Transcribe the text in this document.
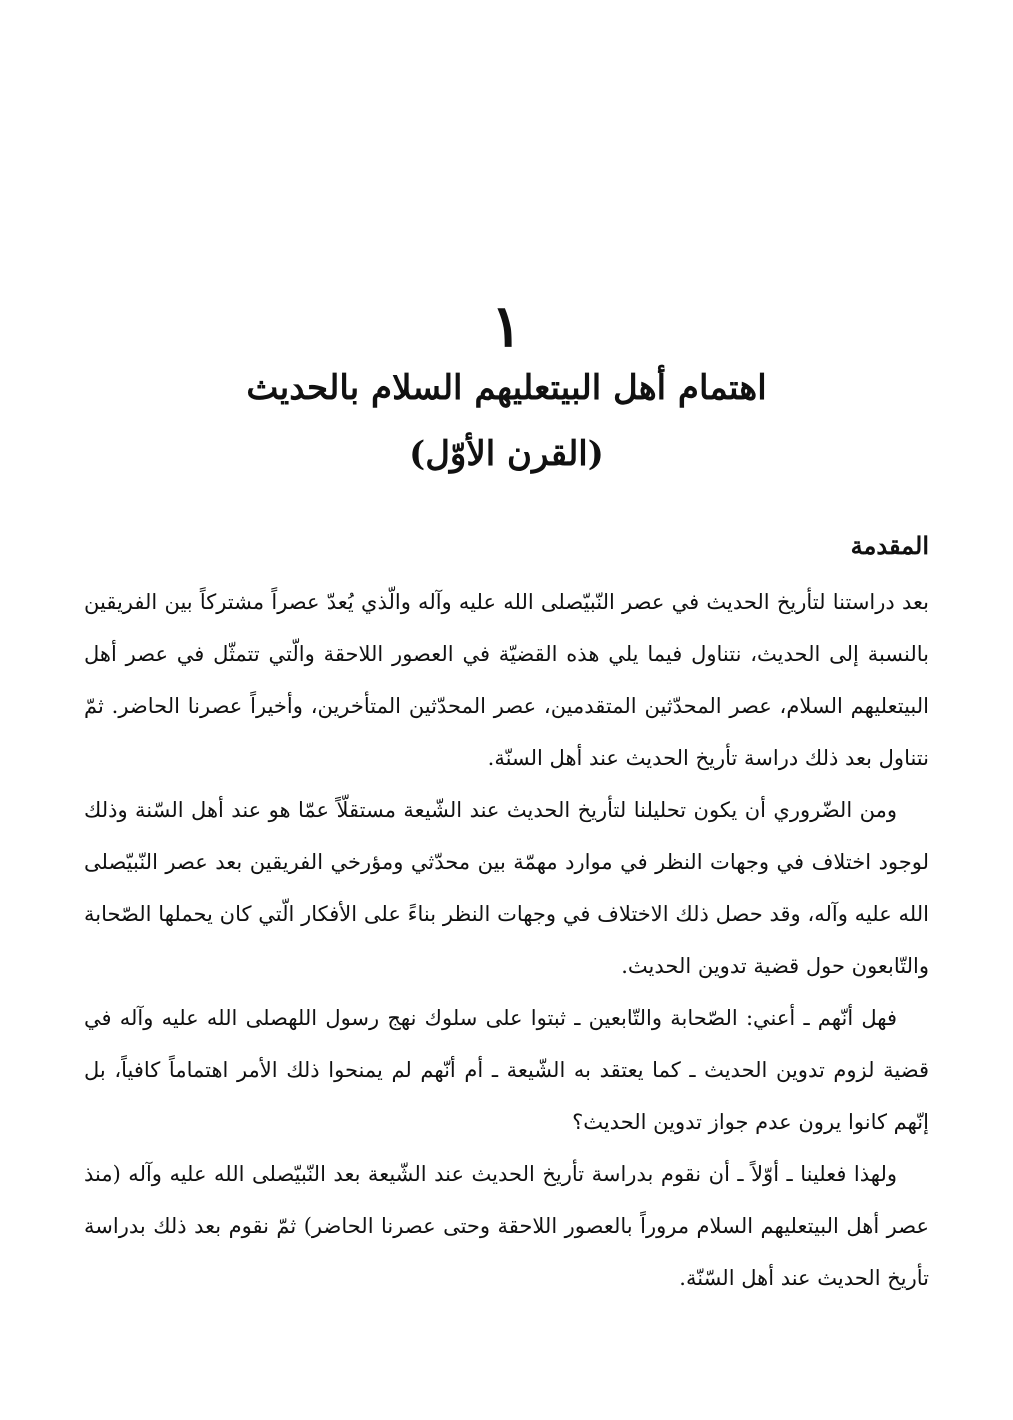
١
اهتمام أهل البيتعليهم السلام بالحديث
(القرن الأوّل)
المقدمة

بعد دراستنا لتأريخ الحديث في عصر النّبيّصلى الله عليه وآله والّذي يُعدّ عصراً مشتركاً بين الفريقين بالنسبة إلى الحديث، نتناول فيما يلي هذه القضيّة في العصور اللاحقة والّتي تتمثّل في عصر أهل البيتعليهم السلام، عصر المحدّثين المتقدمين، عصر المحدّثين المتأخرين، وأخيراً عصرنا الحاضر. ثمّ نتناول بعد ذلك دراسة تأريخ الحديث عند أهل السنّة.

ومن الضّروري أن يكون تحليلنا لتأريخ الحديث عند الشّيعة مستقلّاً عمّا هو عند أهل السّنة وذلك لوجود اختلاف في وجهات النظر في موارد مهمّة بين محدّثي ومؤرخي الفريقين بعد عصر النّبيّصلى الله عليه وآله، وقد حصل ذلك الاختلاف في وجهات النظر بناءً على الأفكار الّتي كان يحملها الصّحابة والتّابعون حول قضية تدوين الحديث.

فهل أنّهم ـ أعني: الصّحابة والتّابعين ـ ثبتوا على سلوك نهج رسول اللهصلى الله عليه وآله في قضية لزوم تدوين الحديث ـ كما يعتقد به الشّيعة ـ أم أنّهم لم يمنحوا ذلك الأمر اهتماماً كافياً، بل إنّهم كانوا يرون عدم جواز تدوين الحديث؟

ولهذا فعلينا ـ أوّلاً ـ أن نقوم بدراسة تأريخ الحديث عند الشّيعة بعد النّبيّصلى الله عليه وآله (منذ عصر أهل البيتعليهم السلام مروراً بالعصور اللاحقة وحتى عصرنا الحاضر) ثمّ نقوم بعد ذلك بدراسة تأريخ الحديث عند أهل السّنّة.
